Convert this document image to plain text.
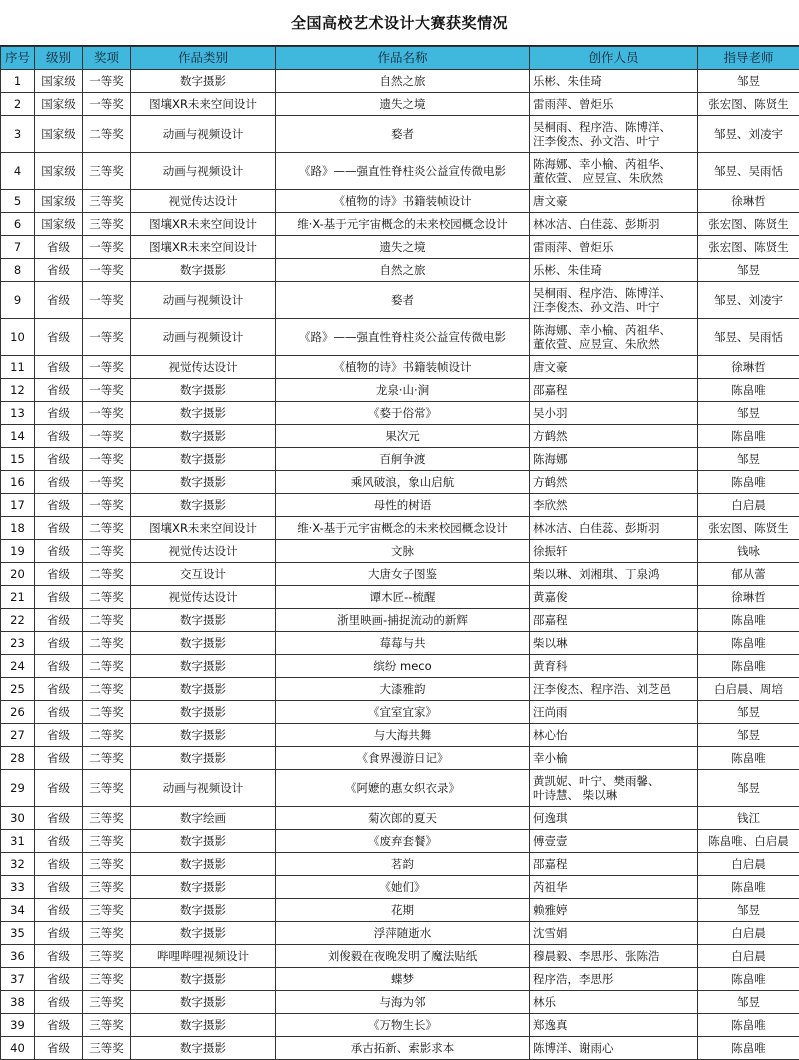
全国高校艺术设计大赛获奖情况
序号	级别	奖项	作品类别	作品名称	创作人员	指导老师
1	国家级	一等奖	数字摄影	自然之旅	乐彬、朱佳琦	邹昱
2	国家级	一等奖	图壤XR未来空间设计	遗失之境	雷雨萍、曾炬乐	张宏图、陈贤生
3	国家级	二等奖	动画与视频设计	婺者	吴桐雨、程序浩、陈博洋、
汪李俊杰、孙文浩、叶宁	邹昱、刘凌宇
4	国家级	三等奖	动画与视频设计	《路》——强直性脊柱炎公益宣传微电影	陈海娜、幸小榆、芮祖华、
董依萱、 应昱宣、朱欣然	邹昱、吴雨恬
5	国家级	三等奖	视觉传达设计	《植物的诗》书籍装帧设计	唐文豪	徐琳哲
6	国家级	三等奖	图壤XR未来空间设计	维·X-基于元宇宙概念的未来校园概念设计	林冰洁、白佳蕊、彭斯羽	张宏图、陈贤生
7	省级	一等奖	图壤XR未来空间设计	遗失之境	雷雨萍、曾炬乐	张宏图、陈贤生
8	省级	一等奖	数字摄影	自然之旅	乐彬、朱佳琦	邹昱
9	省级	一等奖	动画与视频设计	婺者	吴桐雨、程序浩、陈博洋、
汪李俊杰、孙文浩、叶宁	邹昱、刘凌宇
10	省级	一等奖	动画与视频设计	《路》——强直性脊柱炎公益宣传微电影	陈海娜、幸小榆、芮祖华、
董依萱、应昱宣、朱欣然	邹昱、吴雨恬
11	省级	一等奖	视觉传达设计	《植物的诗》书籍装帧设计	唐文豪	徐琳哲
12	省级	一等奖	数字摄影	龙泉·山·涧	邵嘉程	陈畠唯
13	省级	一等奖	数字摄影	《婺于俗常》	吴小羽	邹昱
14	省级	一等奖	数字摄影	果次元	方鹤然	陈畠唯
15	省级	一等奖	数字摄影	百舸争渡	陈海娜	邹昱
16	省级	一等奖	数字摄影	乘风破浪，象山启航	方鹤然	陈畠唯
17	省级	一等奖	数字摄影	母性的树语	李欣然	白启晨
18	省级	二等奖	图壤XR未来空间设计	维·X-基于元宇宙概念的未来校园概念设计	林冰洁、白佳蕊、彭斯羽	张宏图、陈贤生
19	省级	二等奖	视觉传达设计	文脉	徐振轩	钱咏
20	省级	二等奖	交互设计	大唐女子图鉴	柴以琳、刘湘琪、丁泉鸿	郁从蕾
21	省级	二等奖	视觉传达设计	谭木匠--梳醒	黄嘉俊	徐琳哲
22	省级	二等奖	数字摄影	浙里映画-捕捉流动的新辉	邵嘉程	陈畠唯
23	省级	二等奖	数字摄影	莓莓与共	柴以琳	陈畠唯
24	省级	二等奖	数字摄影	缤纷 meco	黄育科	陈畠唯
25	省级	二等奖	数字摄影	大漆雅韵	汪李俊杰、程序浩、刘芝邑	白启晨、周培
26	省级	二等奖	数字摄影	《宜室宜家》	汪尚雨	邹昱
27	省级	二等奖	数字摄影	与大海共舞	林心怡	邹昱
28	省级	二等奖	数字摄影	《食界漫游日记》	幸小榆	陈畠唯
29	省级	三等奖	动画与视频设计	《阿嬷的惠女织衣录》	黄凯妮、叶宁、樊雨馨、
叶诗慧、 柴以琳	邹昱
30	省级	三等奖	数字绘画	菊次郎的夏天	何逸琪	钱江
31	省级	三等奖	数字摄影	《废弃套餐》	傅壹壹	陈畠唯、白启晨
32	省级	三等奖	数字摄影	茗韵	邵嘉程	白启晨
33	省级	三等奖	数字摄影	《她们》	芮祖华	陈畠唯
34	省级	三等奖	数字摄影	花期	赖雅婷	邹昱
35	省级	三等奖	数字摄影	浮萍随逝水	沈雪娟	白启晨
36	省级	三等奖	哔哩哔哩视频设计	刘俊毅在夜晚发明了魔法贴纸	穆晨毅、李思彤、张陈浩	白启晨
37	省级	三等奖	数字摄影	蝶梦	程序浩，李思彤	陈畠唯
38	省级	三等奖	数字摄影	与海为邻	林乐	邹昱
39	省级	三等奖	数字摄影	《万物生长》	郑逸真	陈畠唯
40	省级	三等奖	数字摄影	承古拓新、索影求本	陈博洋、谢雨心	陈畠唯
